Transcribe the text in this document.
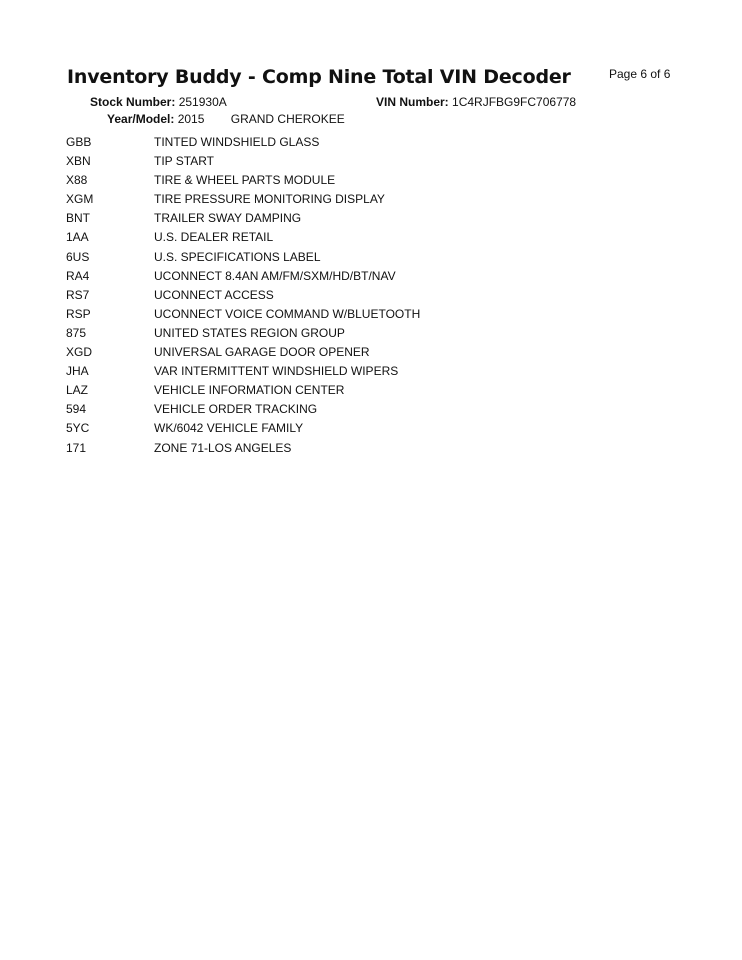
Inventory Buddy - Comp Nine Total VIN Decoder	Page 6 of 6
Stock Number: 251930A	VIN Number: 1C4RJFBG9FC706778
Year/Model: 2015 GRAND CHEROKEE
GBB	TINTED WINDSHIELD GLASS
XBN	TIP START
X88	TIRE & WHEEL PARTS MODULE
XGM	TIRE PRESSURE MONITORING DISPLAY
BNT	TRAILER SWAY DAMPING
1AA	U.S. DEALER RETAIL
6US	U.S. SPECIFICATIONS LABEL
RA4	UCONNECT 8.4AN AM/FM/SXM/HD/BT/NAV
RS7	UCONNECT ACCESS
RSP	UCONNECT VOICE COMMAND W/BLUETOOTH
875	UNITED STATES REGION GROUP
XGD	UNIVERSAL GARAGE DOOR OPENER
JHA	VAR INTERMITTENT WINDSHIELD WIPERS
LAZ	VEHICLE INFORMATION CENTER
594	VEHICLE ORDER TRACKING
5YC	WK/6042 VEHICLE FAMILY
171	ZONE 71-LOS ANGELES
